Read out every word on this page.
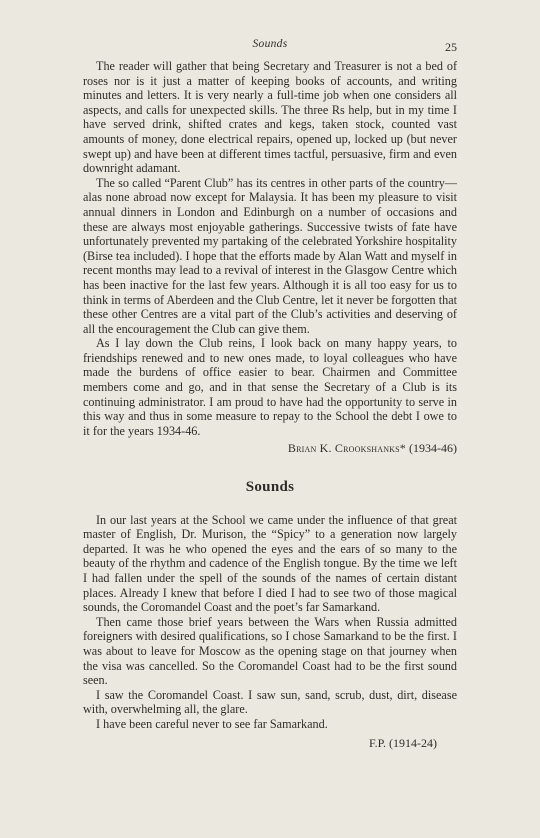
Sounds	25

The reader will gather that being Secretary and Treasurer is not a bed of roses nor is it just a matter of keeping books of accounts, and writing minutes and letters. It is very nearly a full-time job when one considers all aspects, and calls for unexpected skills. The three Rs help, but in my time I have served drink, shifted crates and kegs, taken stock, counted vast amounts of money, done electrical repairs, opened up, locked up (but never swept up) and have been at different times tactful, persuasive, firm and even downright adamant.

The so called “Parent Club” has its centres in other parts of the country—alas none abroad now except for Malaysia. It has been my pleasure to visit annual dinners in London and Edinburgh on a number of occasions and these are always most enjoyable gatherings. Successive twists of fate have unfortunately prevented my partaking of the celebrated Yorkshire hospitality (Birse tea included). I hope that the efforts made by Alan Watt and myself in recent months may lead to a revival of interest in the Glasgow Centre which has been inactive for the last few years. Although it is all too easy for us to think in terms of Aberdeen and the Club Centre, let it never be forgotten that these other Centres are a vital part of the Club’s activities and deserving of all the encouragement the Club can give them.

As I lay down the Club reins, I look back on many happy years, to friendships renewed and to new ones made, to loyal colleagues who have made the burdens of office easier to bear. Chairmen and Committee members come and go, and in that sense the Secretary of a Club is its continuing administrator. I am proud to have had the opportunity to serve in this way and thus in some measure to repay to the School the debt I owe to it for the years 1934-46.

Brian K. Crookshanks* (1934-46)
Sounds

In our last years at the School we came under the influence of that great master of English, Dr. Murison, the “Spicy” to a generation now largely departed. It was he who opened the eyes and the ears of so many to the beauty of the rhythm and cadence of the English tongue. By the time we left I had fallen under the spell of the sounds of the names of certain distant places. Already I knew that before I died I had to see two of those magical sounds, the Coromandel Coast and the poet’s far Samarkand.

Then came those brief years between the Wars when Russia admitted foreigners with desired qualifications, so I chose Samarkand to be the first. I was about to leave for Moscow as the opening stage on that journey when the visa was cancelled. So the Coromandel Coast had to be the first sound seen.

I saw the Coromandel Coast. I saw sun, sand, scrub, dust, dirt, disease with, overwhelming all, the glare.

I have been careful never to see far Samarkand.

F.P. (1914-24)
